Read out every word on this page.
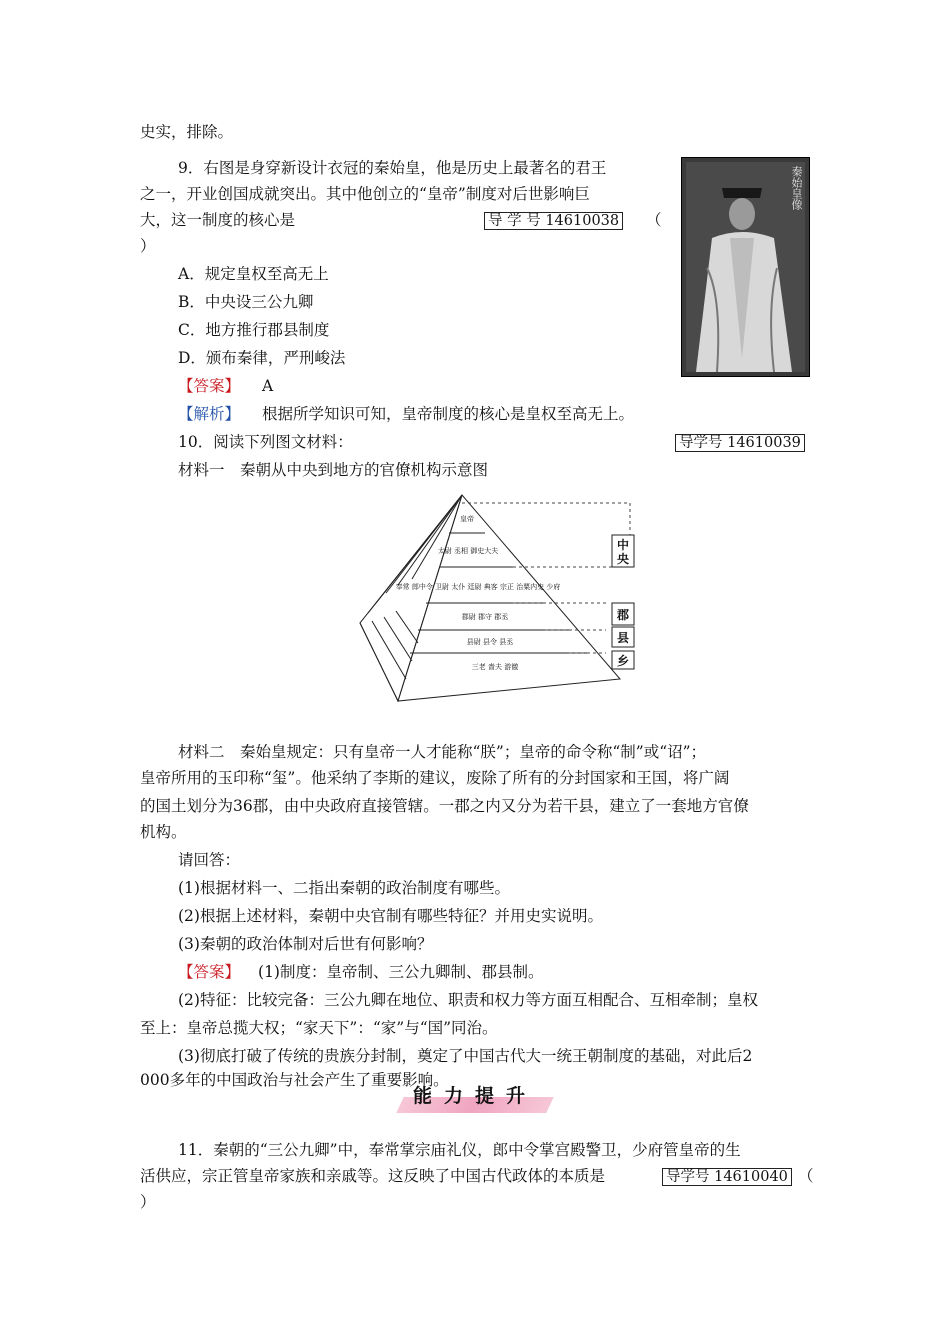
史实，排除。
9．右图是身穿新设计衣冠的秦始皇，他是历史上最著名的君王
之一，开业创国成就突出。其中他创立的“皇帝”制度对后世影响巨
大，这一制度的核心是	导 学 号 14610038 （
）
A．规定皇权至高无上
B．中央设三公九卿
C．地方推行郡县制度
D．颁布秦律，严刑峻法
【答案】 A
【解析】 根据所学知识可知，皇帝制度的核心是皇权至高无上。
秦始皇像
10．阅读下列图文材料：	导学号 14610039
材料一　秦朝从中央到地方的官僚机构示意图
中
央
郡
县
乡
皇帝
太尉 丞相 御史大夫
奉常 郎中令 卫尉 太仆 廷尉 典客 宗正 治粟内史 少府
郡尉 郡守 郡丞
县尉 县令 县丞
三老 啬夫 游徼
材料二　秦始皇规定：只有皇帝一人才能称“朕”；皇帝的命令称“制”或“诏”；
皇帝所用的玉印称“玺”。他采纳了李斯的建议，废除了所有的分封国家和王国，将广阔
的国土划分为36郡，由中央政府直接管辖。一郡之内又分为若干县，建立了一套地方官僚
机构。
请回答：
(1)根据材料一、二指出秦朝的政治制度有哪些。
(2)根据上述材料，秦朝中央官制有哪些特征？并用史实说明。
(3)秦朝的政治体制对后世有何影响？
【答案】 (1)制度：皇帝制、三公九卿制、郡县制。
(2)特征：比较完备：三公九卿在地位、职责和权力等方面互相配合、互相牵制；皇权
至上：皇帝总揽大权；“家天下”：“家”与“国”同治。
(3)彻底打破了传统的贵族分封制，奠定了中国古代大一统王朝制度的基础，对此后2
000多年的中国政治与社会产生了重要影响。
能力提升
11．秦朝的“三公九卿”中，奉常掌宗庙礼仪，郎中令掌宫殿警卫，少府管皇帝的生
活供应，宗正管皇帝家族和亲戚等。这反映了中国古代政体的本质是	导学号 14610040 （
）
